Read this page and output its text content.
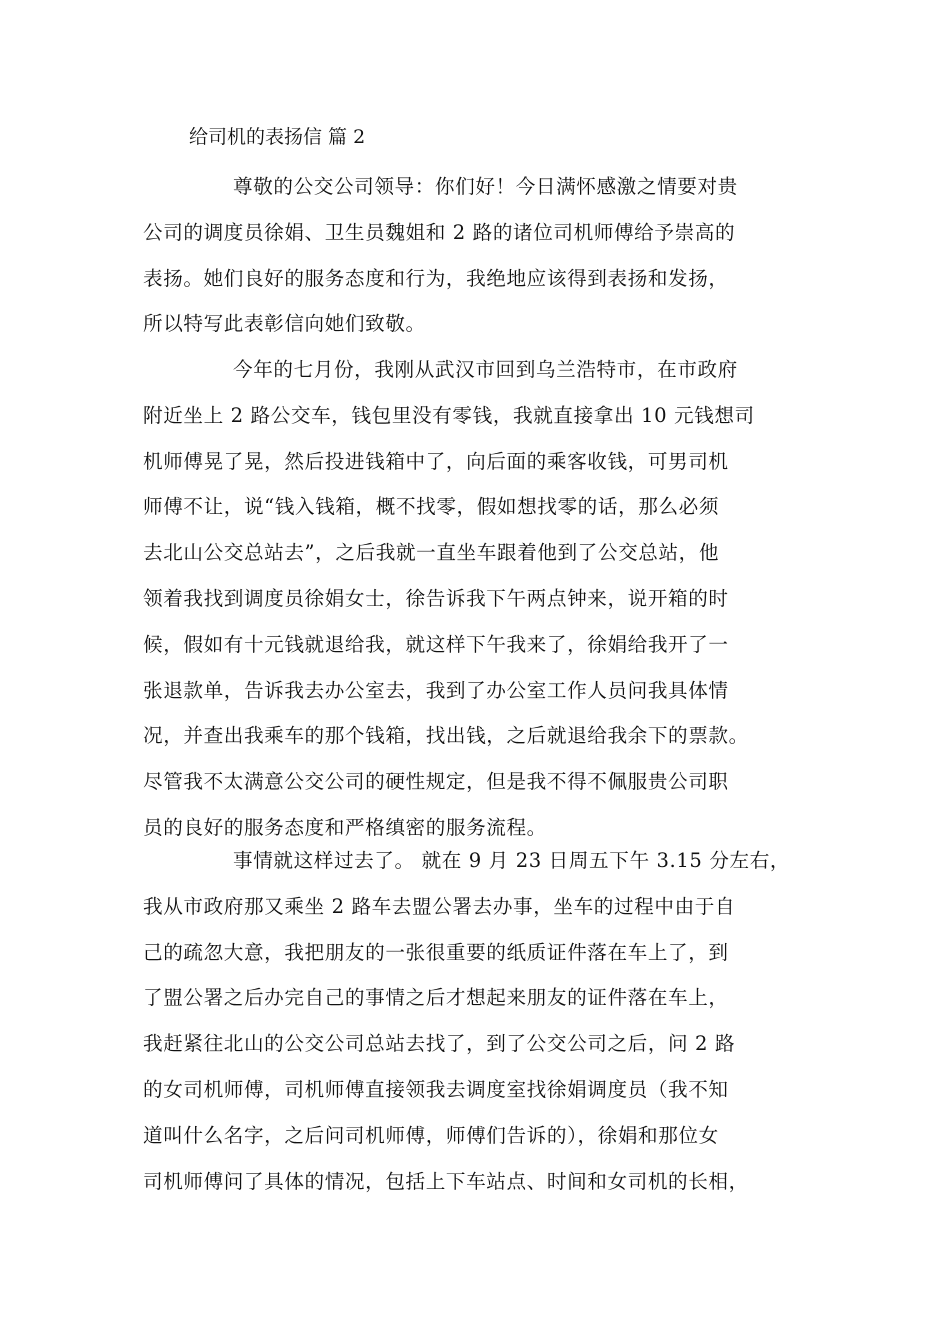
给司机的表扬信 篇 2
尊敬的公交公司领导：你们好！今日满怀感激之情要对贵
公司的调度员徐娟、卫生员魏姐和 2 路的诸位司机师傅给予崇高的
表扬。她们良好的服务态度和行为，我绝地应该得到表扬和发扬，
所以特写此表彰信向她们致敬。
今年的七月份，我刚从武汉市回到乌兰浩特市，在市政府
附近坐上 2 路公交车，钱包里没有零钱，我就直接拿出 10 元钱想司
机师傅晃了晃，然后投进钱箱中了，向后面的乘客收钱，可男司机
师傅不让，说“钱入钱箱，概不找零，假如想找零的话，那么必须
去北山公交总站去”，之后我就一直坐车跟着他到了公交总站，他
领着我找到调度员徐娟女士，徐告诉我下午两点钟来，说开箱的时
候，假如有十元钱就退给我，就这样下午我来了，徐娟给我开了一
张退款单，告诉我去办公室去，我到了办公室工作人员问我具体情
况，并查出我乘车的那个钱箱，找出钱，之后就退给我余下的票款。
尽管我不太满意公交公司的硬性规定，但是我不得不佩服贵公司职
员的良好的服务态度和严格缜密的服务流程。
事情就这样过去了。 就在 9 月 23 日周五下午 3.15 分左右，
我从市政府那又乘坐 2 路车去盟公署去办事，坐车的过程中由于自
己的疏忽大意，我把朋友的一张很重要的纸质证件落在车上了，到
了盟公署之后办完自己的事情之后才想起来朋友的证件落在车上，
我赶紧往北山的公交公司总站去找了，到了公交公司之后，问 2 路
的女司机师傅，司机师傅直接领我去调度室找徐娟调度员（我不知
道叫什么名字，之后问司机师傅，师傅们告诉的），徐娟和那位女
司机师傅问了具体的情况，包括上下车站点、时间和女司机的长相，
